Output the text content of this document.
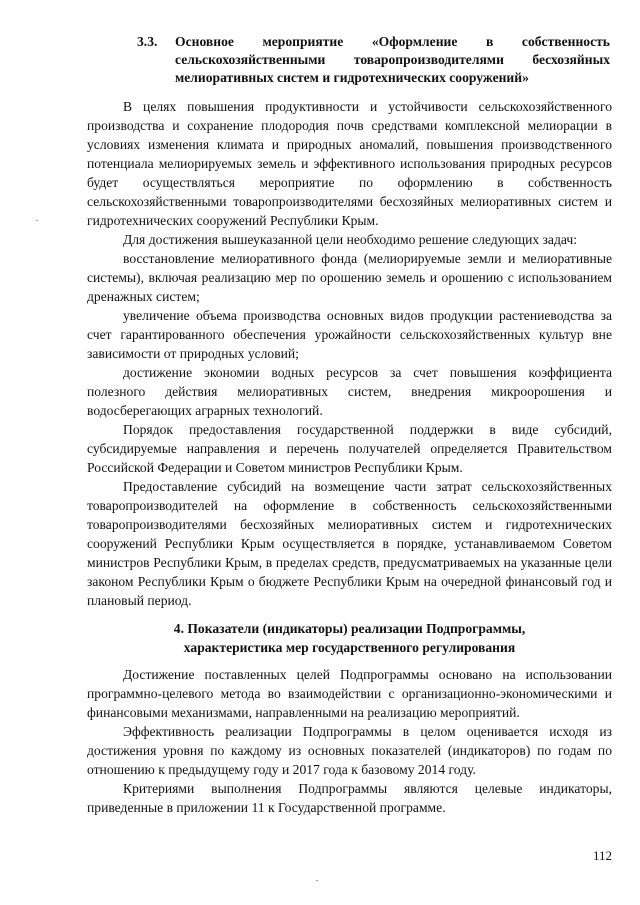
3.3.	Основное мероприятие «Оформление в собственность сельскохозяйственными товаропроизводителями бесхозяйных мелиоративных систем и гидротехнических сооружений»

В целях повышения продуктивности и устойчивости сельскохозяйственного производства и сохранение плодородия почв средствами комплексной мелиорации в условиях изменения климата и природных аномалий, повышения производственного потенциала мелиорируемых земель и эффективного использования природных ресурсов будет осуществляться мероприятие по оформлению в собственность сельскохозяйственными товаропроизводителями бесхозяйных мелиоративных систем и гидротехнических сооружений Республики Крым.

Для достижения вышеуказанной цели необходимо решение следующих задач:

восстановление мелиоративного фонда (мелиорируемые земли и мелиоративные системы), включая реализацию мер по орошению земель и орошению с использованием дренажных систем;

увеличение объема производства основных видов продукции растениеводства за счет гарантированного обеспечения урожайности сельскохозяйственных культур вне зависимости от природных условий;

достижение экономии водных ресурсов за счет повышения коэффициента полезного действия мелиоративных систем, внедрения микроорошения и водосберегающих аграрных технологий.

Порядок предоставления государственной поддержки в виде субсидий, субсидируемые направления и перечень получателей определяется Правительством Российской Федерации и Советом министров Республики Крым.

Предоставление субсидий на возмещение части затрат сельскохозяйственных товаропроизводителей на оформление в собственность сельскохозяйственными товаропроизводителями бесхозяйных мелиоративных систем и гидротехнических сооружений Республики Крым осуществляется в порядке, устанавливаемом Советом министров Республики Крым, в пределах средств, предусматриваемых на указанные цели законом Республики Крым о бюджете Республики Крым на очередной финансовый год и плановый период.

4. Показатели (индикаторы) реализации Подпрограммы,
характеристика мер государственного регулирования

Достижение поставленных целей Подпрограммы основано на использовании программно-целевого метода во взаимодействии с организационно-экономическими и финансовыми механизмами, направленными на реализацию мероприятий.

Эффективность реализации Подпрограммы в целом оценивается исходя из достижения уровня по каждому из основных показателей (индикаторов) по годам по отношению к предыдущему году и 2017 года к базовому 2014 году.

Критериями выполнения Подпрограммы являются целевые индикаторы, приведенные в приложении 11 к Государственной программе.

112
